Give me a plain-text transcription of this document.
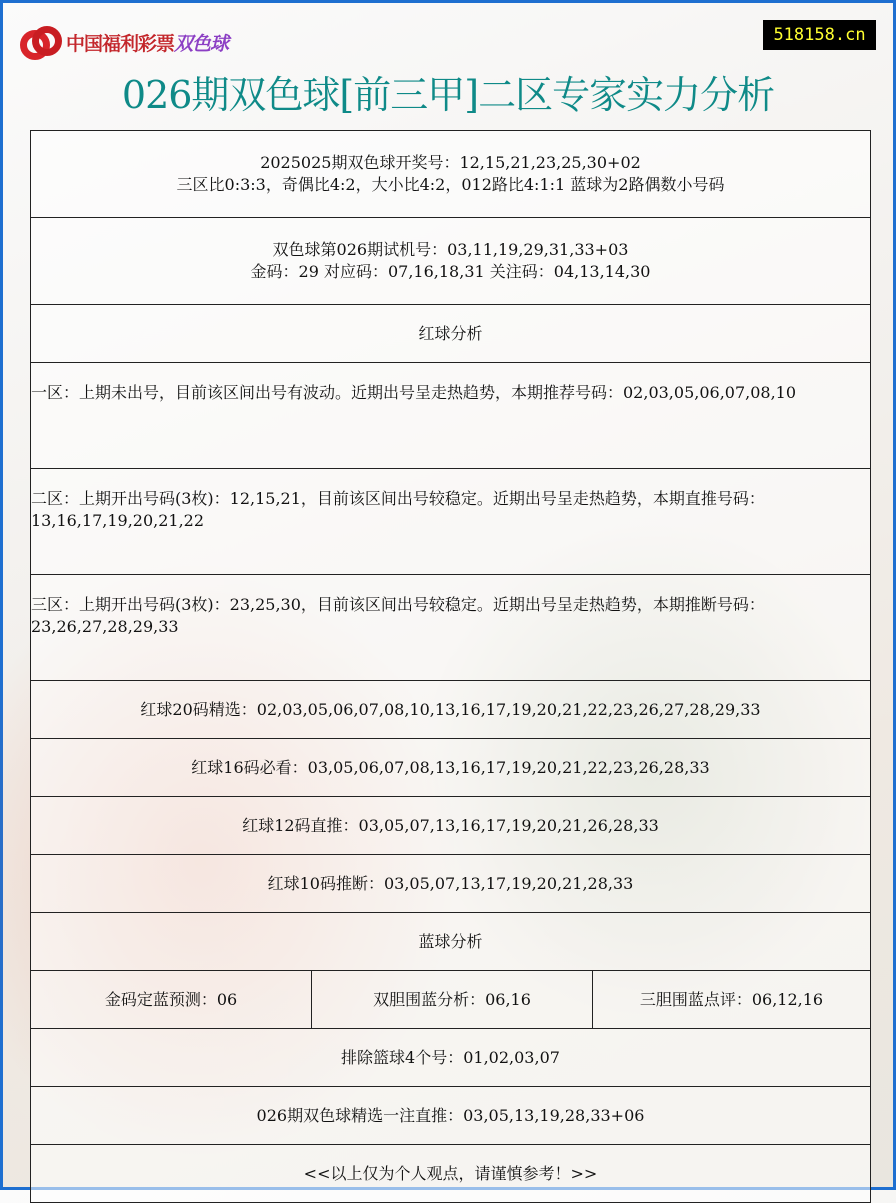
中国福利彩票双色球	518158.cn
026期双色球[前三甲]二区专家实力分析
2025025期双色球开奖号：12,15,21,23,25,30+02
三区比0:3:3，奇偶比4:2，大小比4:2，012路比4:1:1 蓝球为2路偶数小号码

双色球第026期试机号：03,11,19,29,31,33+03
金码：29 对应码：07,16,18,31 关注码：04,13,14,30

红球分析
一区：上期未出号，目前该区间出号有波动。近期出号呈走热趋势，本期推荐号码：02,03,05,06,07,08,10
二区：上期开出号码(3枚)：12,15,21，目前该区间出号较稳定。近期出号呈走热趋势，本期直推号码：13,16,17,19,20,21,22
三区：上期开出号码(3枚)：23,25,30，目前该区间出号较稳定。近期出号呈走热趋势，本期推断号码：23,26,27,28,29,33
红球20码精选：02,03,05,06,07,08,10,13,16,17,19,20,21,22,23,26,27,28,29,33
红球16码必看：03,05,06,07,08,13,16,17,19,20,21,22,23,26,28,33
红球12码直推：03,05,07,13,16,17,19,20,21,26,28,33
红球10码推断：03,05,07,13,17,19,20,21,28,33
蓝球分析
金码定蓝预测：06	双胆围蓝分析：06,16	三胆围蓝点评：06,12,16
排除篮球4个号：01,02,03,07
026期双色球精选一注直推：03,05,13,19,28,33+06
<<以上仅为个人观点，请谨慎参考！>>
